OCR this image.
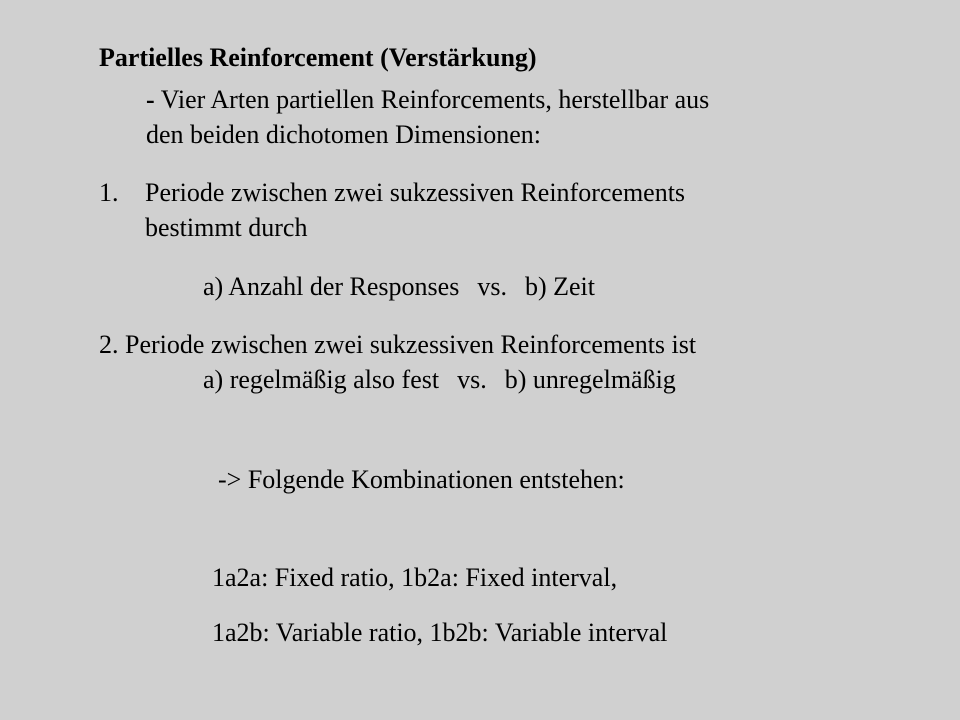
Partielles Reinforcement (Verstärkung)
- Vier Arten partiellen Reinforcements, herstellbar aus
den beiden dichotomen Dimensionen:
1. Periode zwischen zwei sukzessiven Reinforcements
bestimmt durch
a) Anzahl der Responses vs. b) Zeit
2. Periode zwischen zwei sukzessiven Reinforcements ist
a) regelmäßig also fest vs. b) unregelmäßig
-> Folgende Kombinationen entstehen:
1a2a: Fixed ratio, 1b2a: Fixed interval,
1a2b: Variable ratio, 1b2b: Variable interval
